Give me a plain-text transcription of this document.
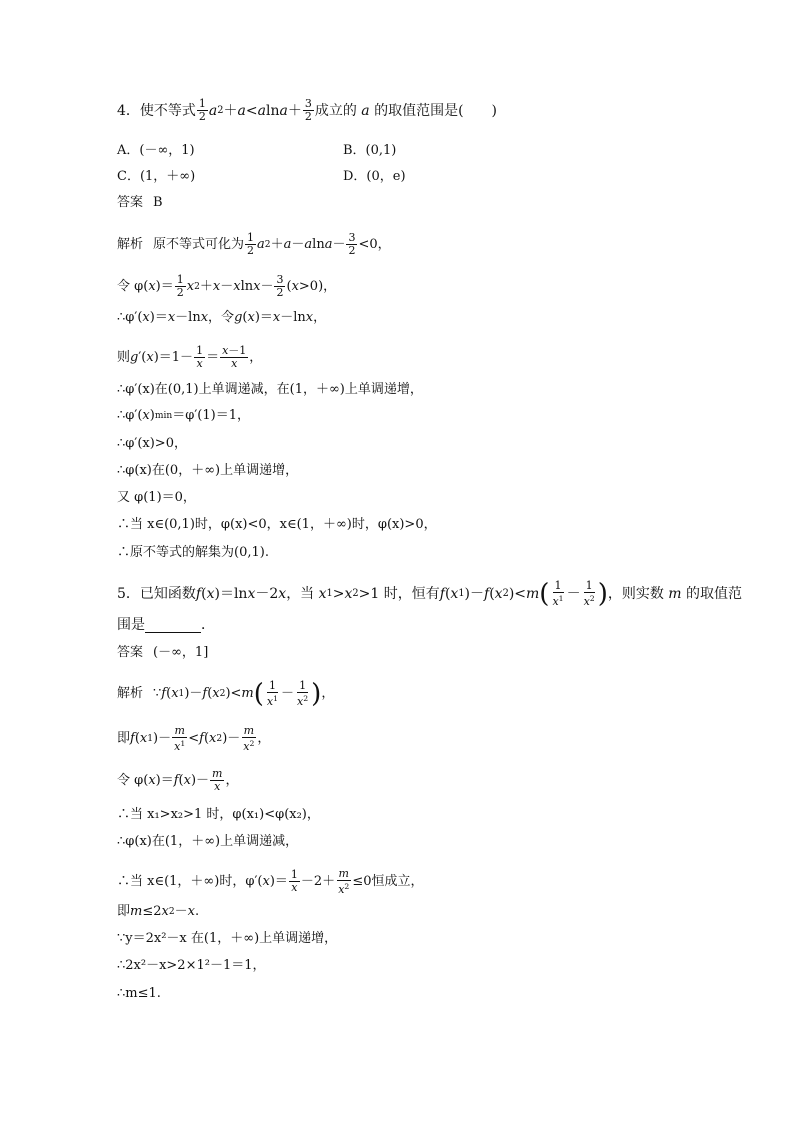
4． 使不等式 $\frac{1}{2}$ a 2 ＋ a < a $\ln a + \frac{3}{2}$ 成立的 a 的取值范围是(　　)
A．(－∞，1)	B．(0,1)
C．(1，＋∞)	D．(0，e)
答案 B
解析 原不等式可化为 $\frac{1}{2}$ a 2 ＋ a － a $\ln a - \frac{3}{2} <0$，
令 φ( x )＝ $\frac{1}{2}$ x 2 ＋ x － x $\ln x - \frac{3}{2}$ ( x >0)，
∴φ′( x )＝ x －ln x ，令 g ( x )＝ x －ln x ，
则 g ′( x )$=1- \frac{1}{x} = \frac{x-1}{x}$ ，
∴φ′(x)在(0,1)上单调递减，在(1，＋∞)上单调递增，
∴φ′( x ) min ＝φ′(1)＝1，
∴φ′(x)>0，
∴φ(x)在(0，＋∞)上单调递增，
又 φ(1)＝0，
∴当 x∈(0,1)时，φ(x)<0，x∈(1，＋∞)时，φ(x)>0，
∴原不等式的解集为(0,1).
5． 已知函数 f ( x )＝ln x －2 x ，当
x 1 > x 2 >1 时，恒有 f ( x 1 )－ f ( x 2 )< m ( $\frac{1}{x^1} - \frac{1}{x^2}$ ) ，则实数 m 的取值范
围是	．
答案 (－∞，1]
解析 ∵ f ( x 1 )－ f ( x 2 )< m ( $\frac{1}{x^1} - \frac{1}{x^2}$ ) ，
即 f ( x 1 )－ $\frac{m}{x^1} < f$ ( x 2 )－ $\frac{m}{x^2}$ ，
令 φ( x )＝ f ( x )－ $\frac{m}{x}$ ，
∴当 x₁>x₂>1 时，φ(x₁)<φ(x₂)，
∴φ(x)在(1，＋∞)上单调递减，
∴当 x∈(1，＋∞)时， φ′( x )＝ $\frac{1}{x} -2+ \frac{m}{x^2} \le 0$ 恒成立，
即 m ≤2 x 2 － x .
∵y＝2x²－x 在(1，＋∞)上单调递增，
∴2x²－x>2×1²－1＝1，
∴m≤1.
